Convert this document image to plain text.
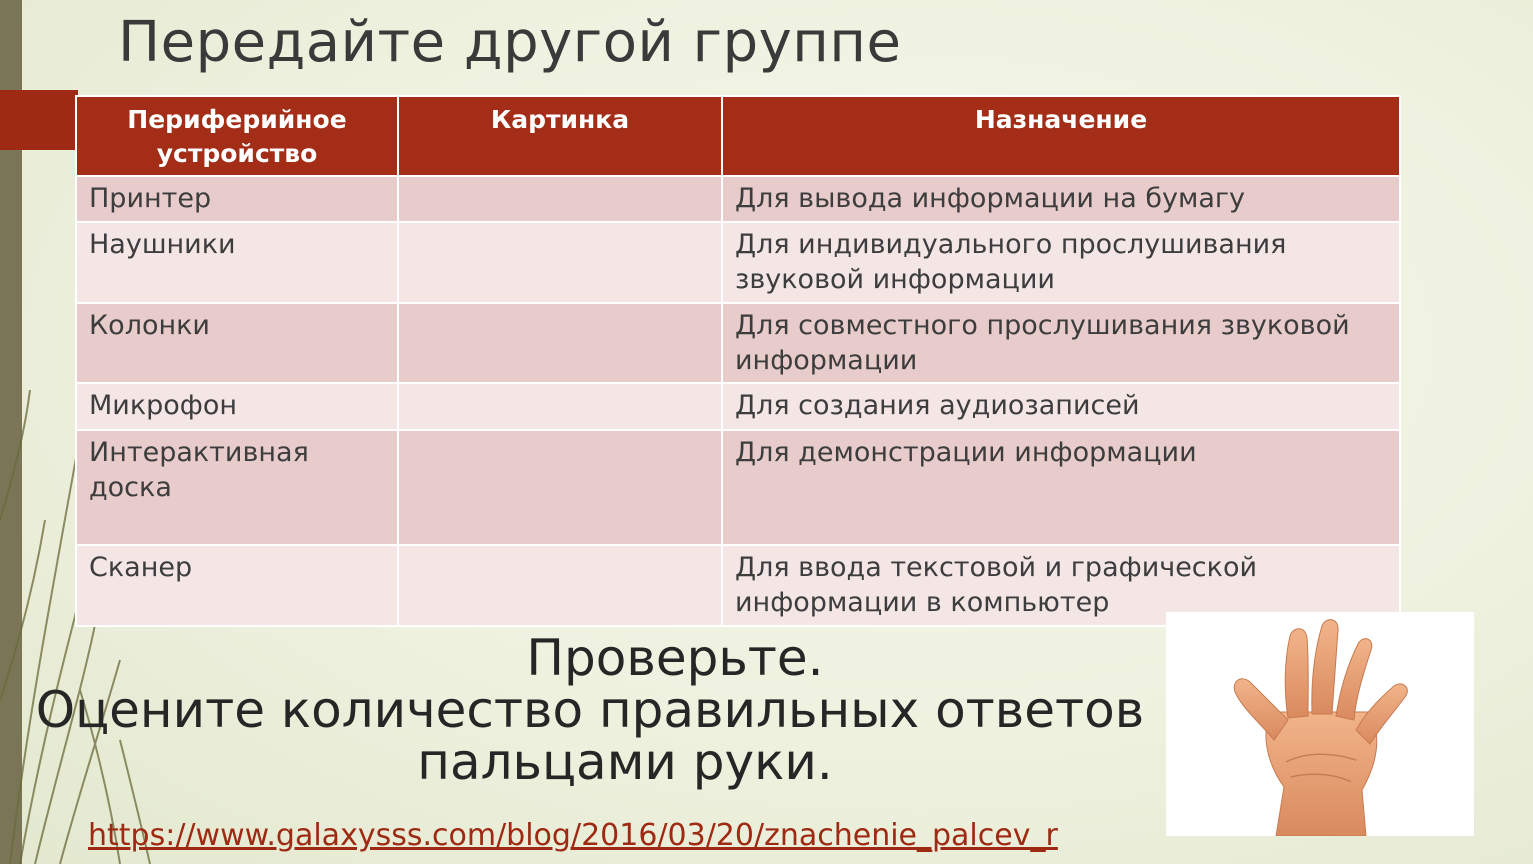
Передайте другой группе
Периферийное устройство	Картинка	Назначение
Принтер		Для вывода информации на бумагу
Наушники		Для индивидуального прослушивания звуковой информации
Колонки		Для совместного прослушивания звуковой информации
Микрофон		Для создания аудиозаписей
Интерактивная доска		Для демонстрации информации
Сканер		Для ввода текстовой и графической информации в компьютер
Проверьте.
Оцените количество правильных ответов
пальцами руки.
https://www.galaxysss.com/blog/2016/03/20/znachenie_palcev_r
